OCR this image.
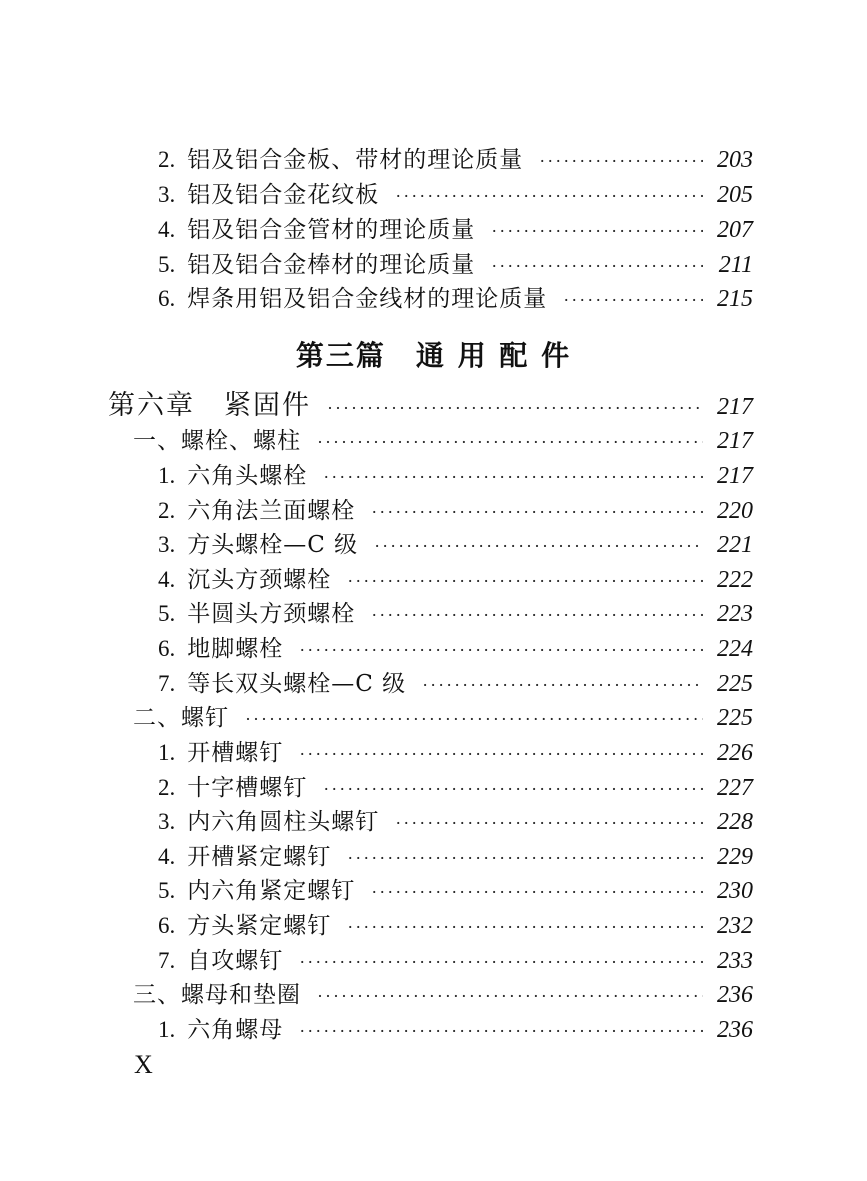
2. 铝及铝合金板、带材的理论质量 ·····	203
3. 铝及铝合金花纹板 ·····	205
4. 铝及铝合金管材的理论质量 ·····	207
5. 铝及铝合金棒材的理论质量 ·····	211
6. 焊条用铝及铝合金线材的理论质量 ·····	215
第三篇　通 用 配 件
第六章　紧固件 ·····	217
一、螺栓、螺柱 ·····	217
1. 六角头螺栓 ·····	217
2. 六角法兰面螺栓 ·····	220
3. 方头螺栓—C 级 ·····	221
4. 沉头方颈螺栓 ·····	222
5. 半圆头方颈螺栓 ·····	223
6. 地脚螺栓 ·····	224
7. 等长双头螺栓—C 级 ·····	225
二、螺钉 ·····	225
1. 开槽螺钉 ·····	226
2. 十字槽螺钉 ·····	227
3. 内六角圆柱头螺钉 ·····	228
4. 开槽紧定螺钉 ·····	229
5. 内六角紧定螺钉 ·····	230
6. 方头紧定螺钉 ·····	232
7. 自攻螺钉 ·····	233
三、螺母和垫圈 ·····	236
1. 六角螺母 ·····	236
X
